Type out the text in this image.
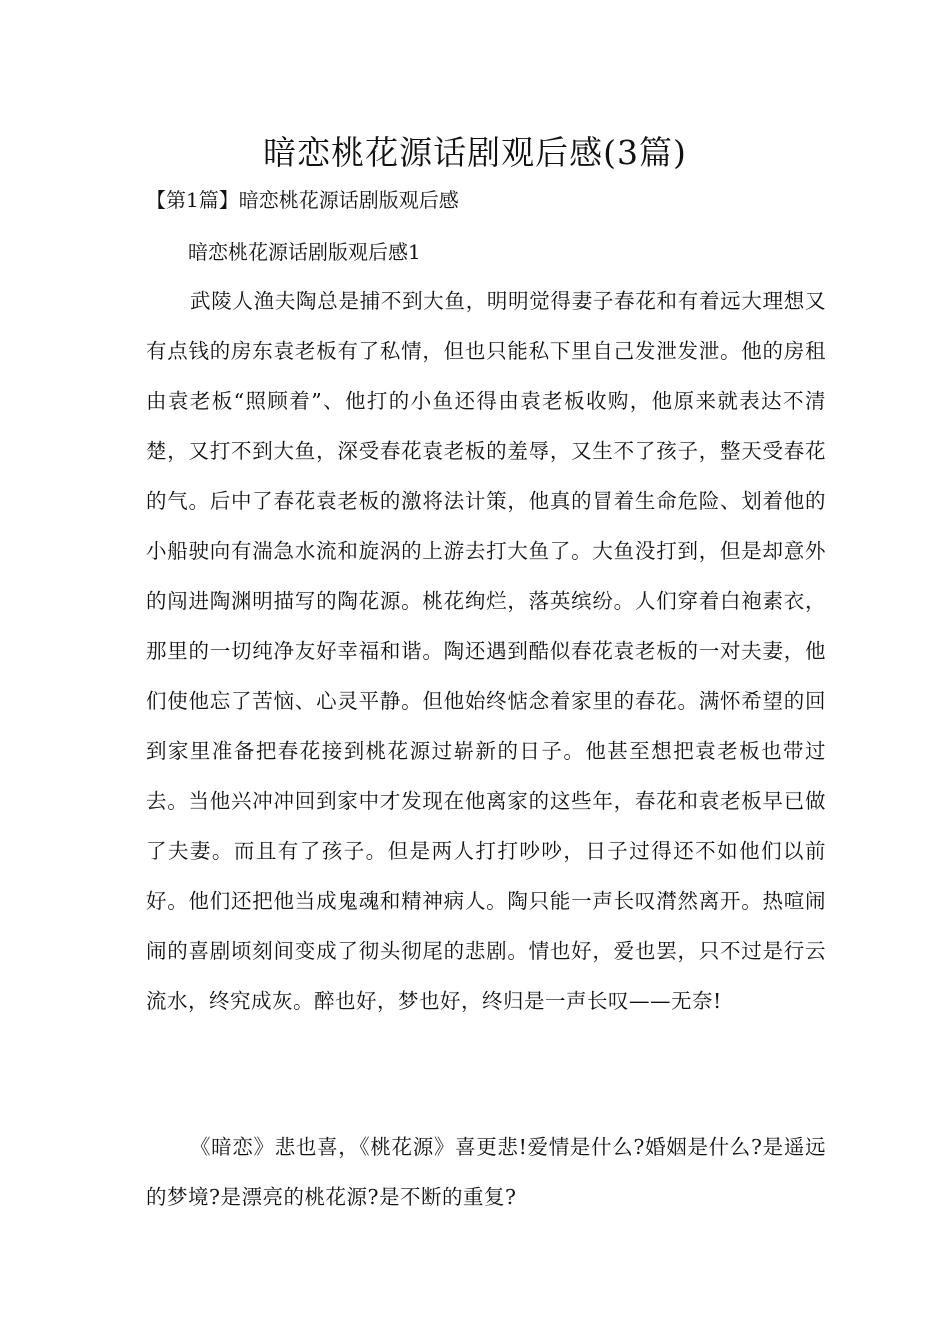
暗恋桃花源话剧观后感(3篇)
【第1篇】暗恋桃花源话剧版观后感

暗恋桃花源话剧版观后感1

武陵人渔夫陶总是捕不到大鱼，明明觉得妻子春花和有着远大理想又有点钱的房东袁老板有了私情，但也只能私下里自己发泄发泄。他的房租由袁老板“照顾着”、他打的小鱼还得由袁老板收购，他原来就表达不清楚，又打不到大鱼，深受春花袁老板的羞辱，又生不了孩子，整天受春花的气。后中了春花袁老板的激将法计策，他真的冒着生命危险、划着他的小船驶向有湍急水流和旋涡的上游去打大鱼了。大鱼没打到，但是却意外的闯进陶渊明描写的陶花源。桃花绚烂，落英缤纷。人们穿着白袍素衣，那里的一切纯净友好幸福和谐。陶还遇到酷似春花袁老板的一对夫妻，他们使他忘了苦恼、心灵平静。但他始终惦念着家里的春花。满怀希望的回到家里准备把春花接到桃花源过崭新的日子。他甚至想把袁老板也带过去。当他兴冲冲回到家中才发现在他离家的这些年，春花和袁老板早已做了夫妻。而且有了孩子。但是两人打打吵吵，日子过得还不如他们以前好。他们还把他当成鬼魂和精神病人。陶只能一声长叹潸然离开。热喧闹闹的喜剧顷刻间变成了彻头彻尾的悲剧。情也好，爱也罢，只不过是行云流水，终究成灰。醉也好，梦也好，终归是一声长叹——无奈!

《暗恋》悲也喜，《桃花源》喜更悲!爱情是什么?婚姻是什么?是遥远的梦境?是漂亮的桃花源?是不断的重复?
